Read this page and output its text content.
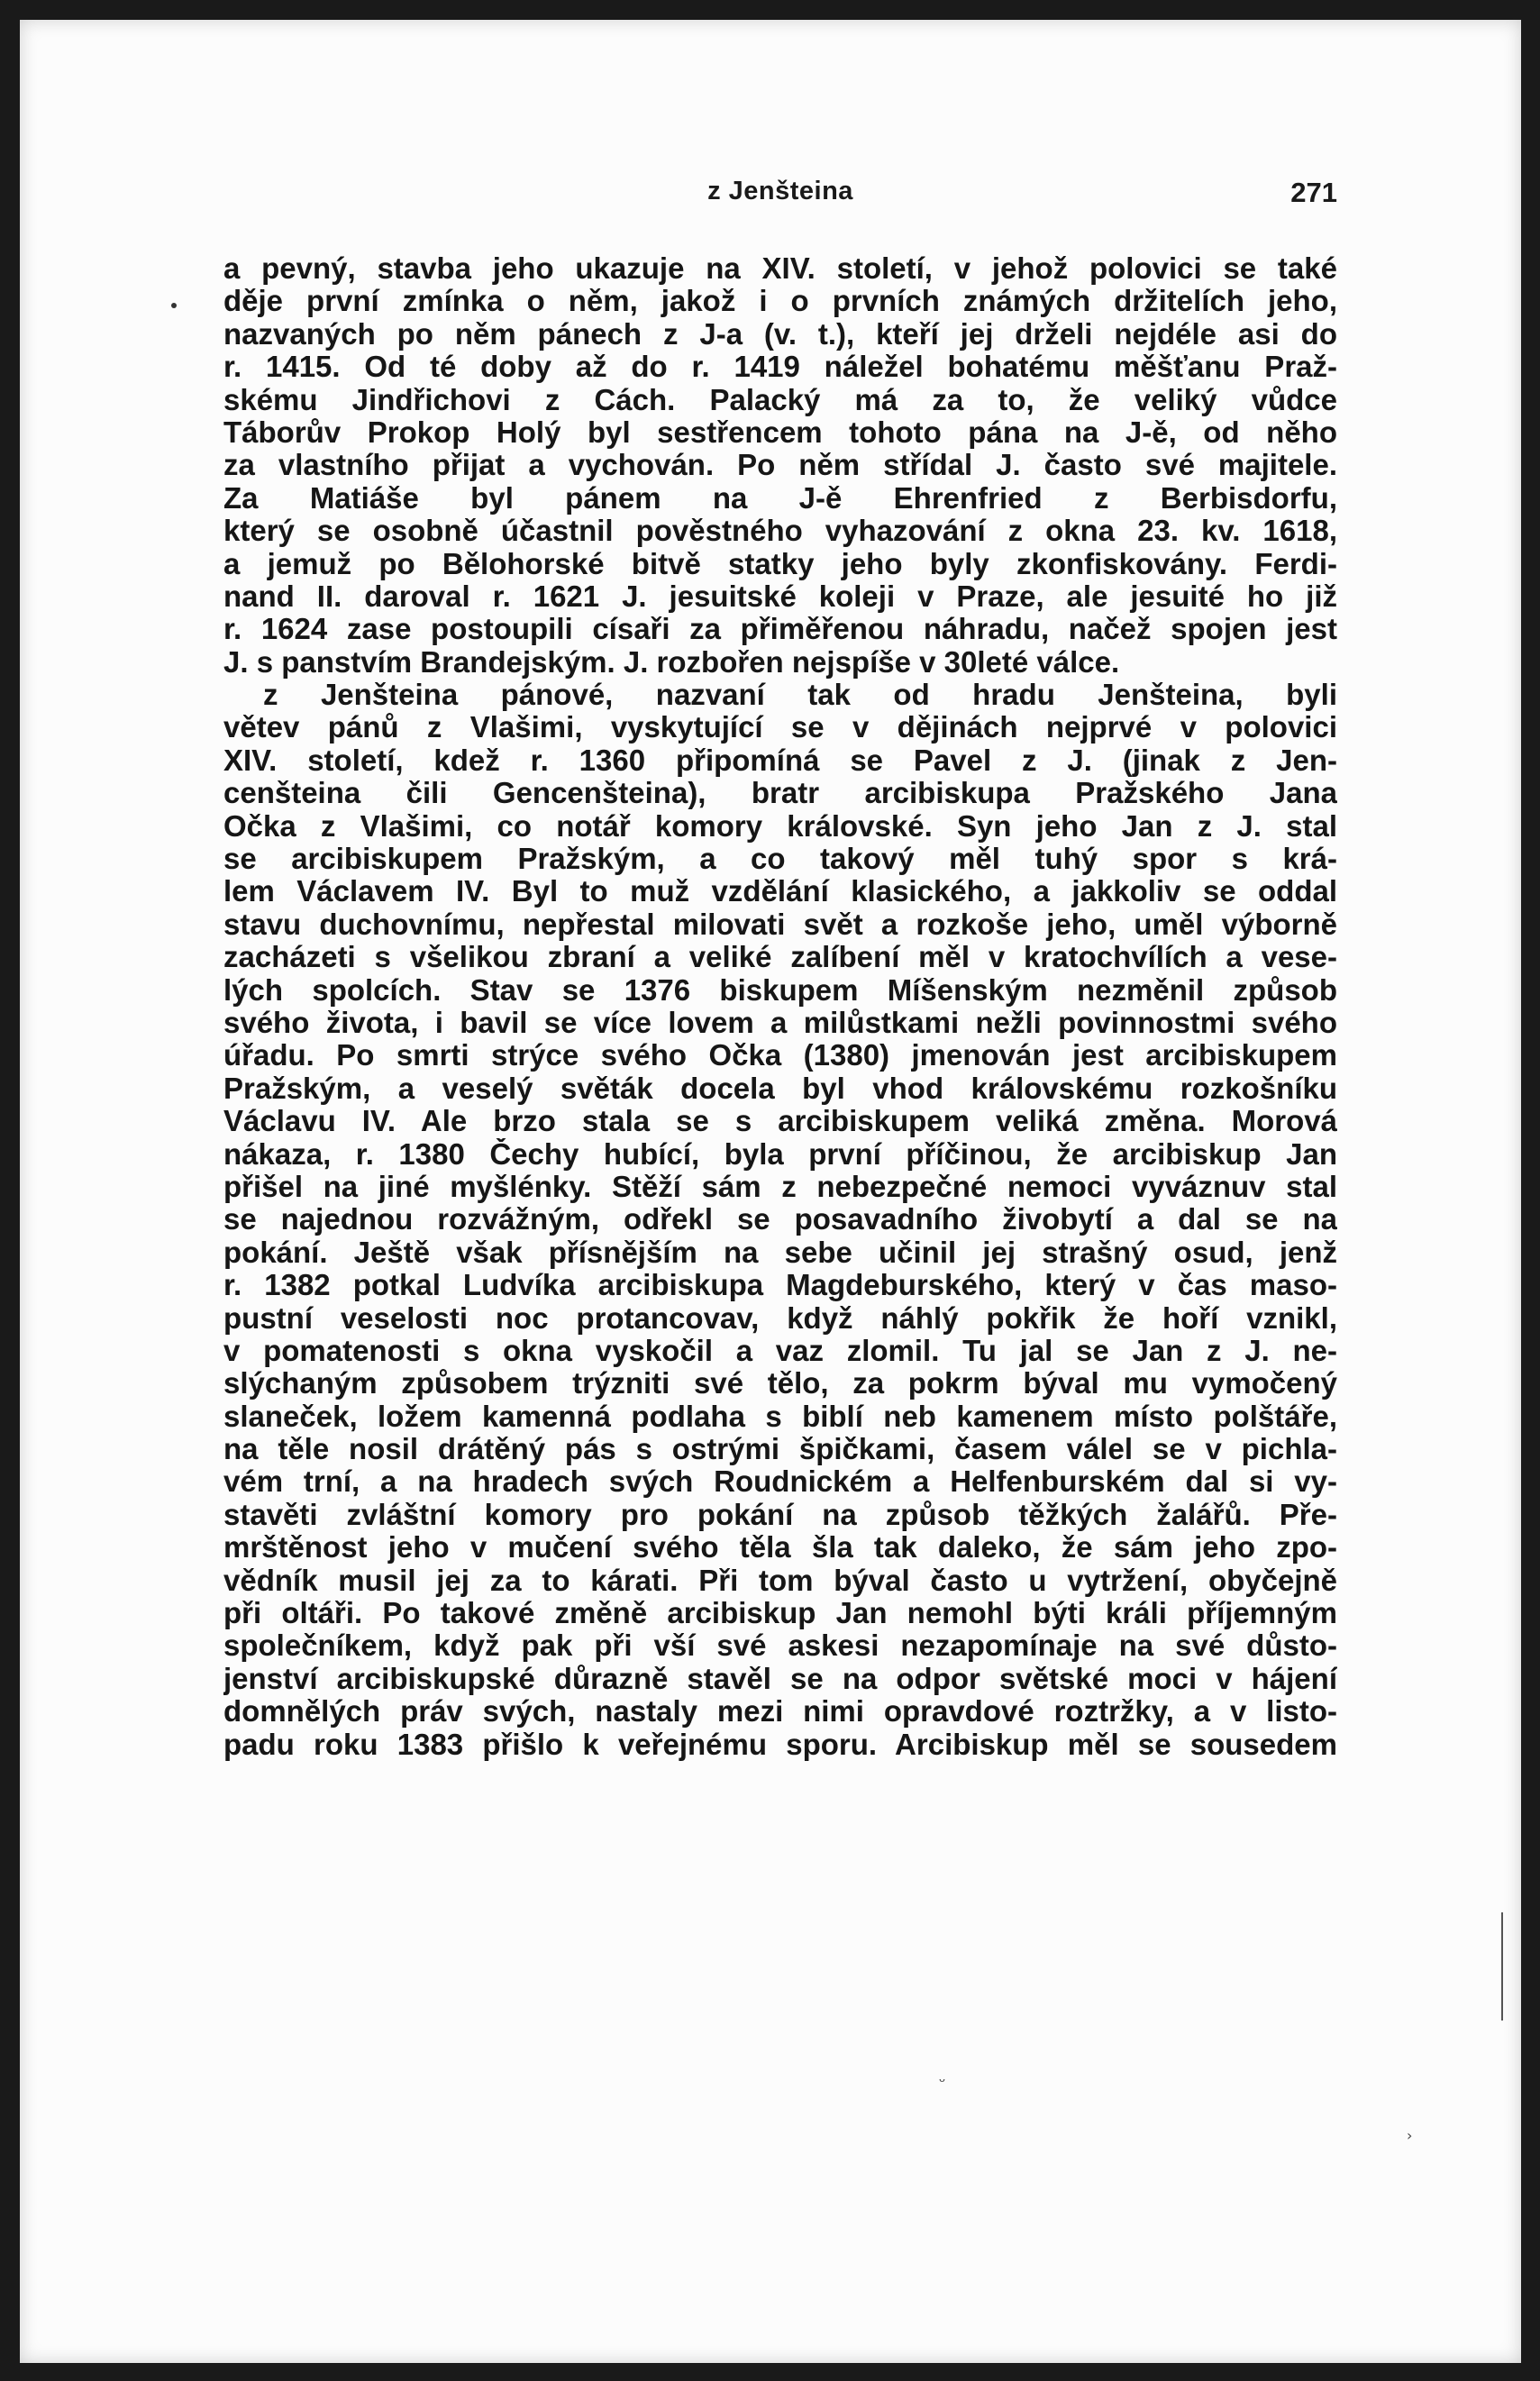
z Jenšteina	271
a pevný, stavba jeho ukazuje na XIV. století, v jehož polovici se také
děje první zmínka o něm, jakož i o prvních známých držitelích jeho,
nazvaných po něm pánech z J-a (v. t.), kteří jej drželi nejdéle asi do
r. 1415. Od té doby až do r. 1419 náležel bohatému měšťanu Praž-
skému Jindřichovi z Cách. Palacký má za to, že veliký vůdce
Táborův Prokop Holý byl sestřencem tohoto pána na J-ě, od něho
za vlastního přijat a vychován. Po něm střídal J. často své majitele.
Za Matiáše byl pánem na J-ě Ehrenfried z Berbisdorfu,
který se osobně účastnil pověstného vyhazování z okna 23. kv. 1618,
a jemuž po Bělohorské bitvě statky jeho byly zkonfiskovány. Ferdi-
nand II. daroval r. 1621 J. jesuitské koleji v Praze, ale jesuité ho již
r. 1624 zase postoupili císaři za přiměřenou náhradu, načež spojen jest
J. s panstvím Brandejským. J. rozbořen nejspíše v 30leté válce.
z Jenšteina pánové, nazvaní tak od hradu Jenšteina, byli
větev pánů z Vlašimi, vyskytující se v dějinách nejprvé v polovici
XIV. století, kdež r. 1360 připomíná se Pavel z J. (jinak z Jen-
cenšteina čili Gencenšteina), bratr arcibiskupa Pražského Jana
Očka z Vlašimi, co notář komory královské. Syn jeho Jan z J. stal
se arcibiskupem Pražským, a co takový měl tuhý spor s krá-
lem Václavem IV. Byl to muž vzdělání klasického, a jakkoliv se oddal
stavu duchovnímu, nepřestal milovati svět a rozkoše jeho, uměl výborně
zacházeti s všelikou zbraní a veliké zalíbení měl v kratochvílích a vese-
lých spolcích. Stav se 1376 biskupem Míšenským nezměnil způsob
svého života, i bavil se více lovem a milůstkami nežli povinnostmi svého
úřadu. Po smrti strýce svého Očka (1380) jmenován jest arcibiskupem
Pražským, a veselý světák docela byl vhod královskému rozkošníku
Václavu IV. Ale brzo stala se s arcibiskupem veliká změna. Morová
nákaza, r. 1380 Čechy hubící, byla první příčinou, že arcibiskup Jan
přišel na jiné myšlénky. Stěží sám z nebezpečné nemoci vyváznuv stal
se najednou rozvážným, odřekl se posavadního živobytí a dal se na
pokání. Ještě však přísnějším na sebe učinil jej strašný osud, jenž
r. 1382 potkal Ludvíka arcibiskupa Magdeburského, který v čas maso-
pustní veselosti noc protancovav, když náhlý pokřik že hoří vznikl,
v pomatenosti s okna vyskočil a vaz zlomil. Tu jal se Jan z J. ne-
slýchaným způsobem trýzniti své tělo, za pokrm býval mu vymočený
slaneček, ložem kamenná podlaha s biblí neb kamenem místo polštáře,
na těle nosil drátěný pás s ostrými špičkami, časem válel se v pichla-
vém trní, a na hradech svých Roudnickém a Helfenburském dal si vy-
stavěti zvláštní komory pro pokání na způsob těžkých žalářů. Pře-
mrštěnost jeho v mučení svého těla šla tak daleko, že sám jeho zpo-
vědník musil jej za to kárati. Při tom býval často u vytržení, obyčejně
při oltáři. Po takové změně arcibiskup Jan nemohl býti králi příjemným
společníkem, když pak při vší své askesi nezapomínaje na své důsto-
jenství arcibiskupské důrazně stavěl se na odpor světské moci v hájení
domnělých práv svých, nastaly mezi nimi opravdové roztržky, a v listo-
padu roku 1383 přišlo k veřejnému sporu. Arcibiskup měl se sousedem
ᵕ
›
